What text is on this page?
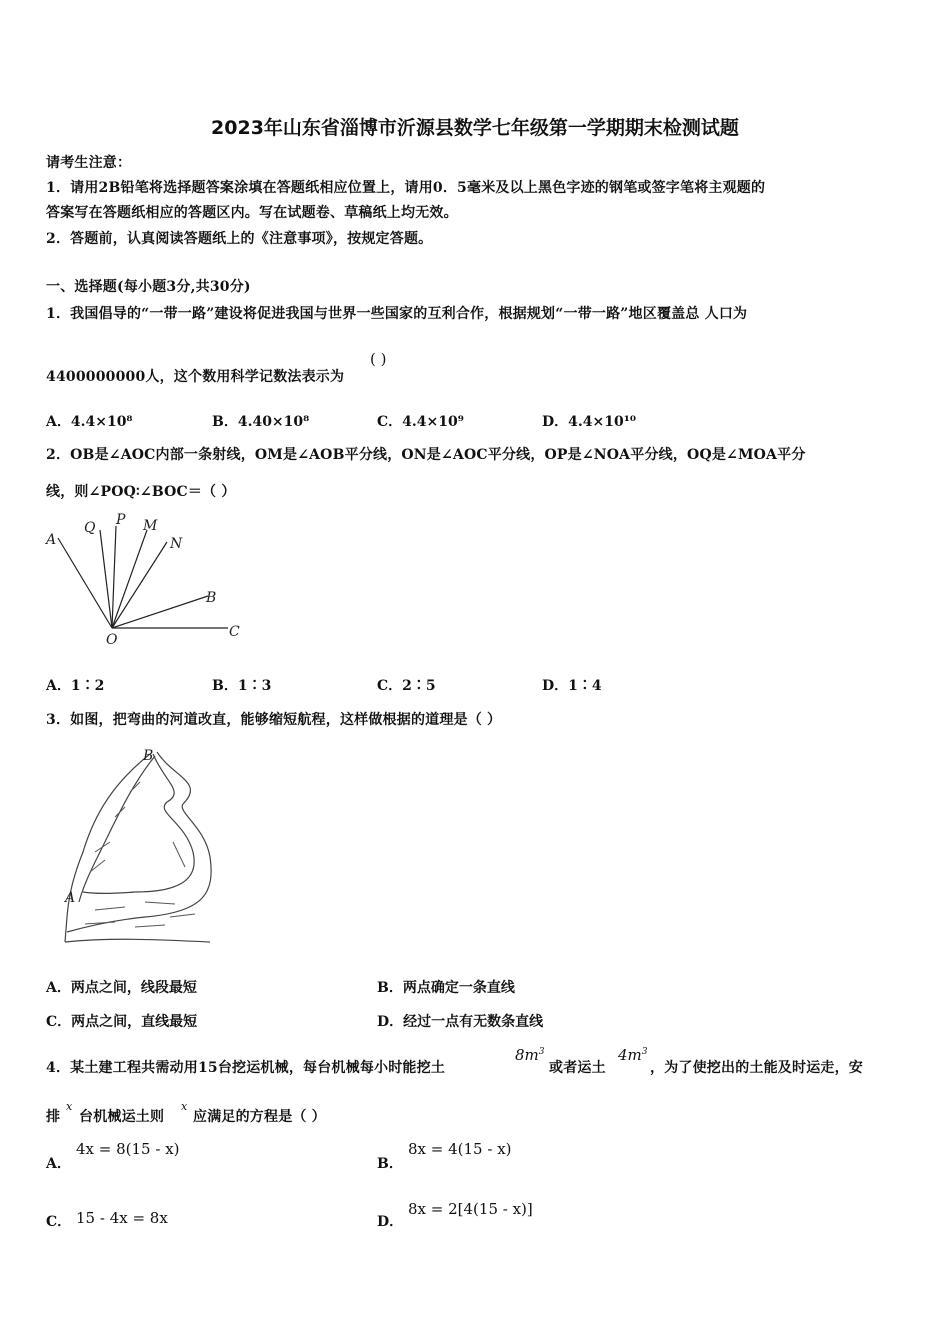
2023年山东省淄博市沂源县数学七年级第一学期期末检测试题
请考生注意：
1．请用2B铅笔将选择题答案涂填在答题纸相应位置上，请用0．5毫米及以上黑色字迹的钢笔或签字笔将主观题的
答案写在答题纸相应的答题区内。写在试题卷、草稿纸上均无效。
2．答题前，认真阅读答题纸上的《注意事项》，按规定答题。
一、选择题(每小题3分,共30分)
1．我国倡导的“一带一路”建设将促进我国与世界一些国家的互利合作，根据规划“一带一路”地区覆盖总 人口为
4400000000人，这个数用科学记数法表示为
( )
A．4.4×10⁸	B．4.40×10⁸	C．4.4×10⁹	D．4.4×10¹⁰
2．OB是∠AOC内部一条射线，OM是∠AOB平分线，ON是∠AOC平分线，OP是∠NOA平分线，OQ是∠MOA平分
线，则∠POQ∶∠BOC＝（ ）
A
Q P M
N
B
O	C
A．1∶2	B．1∶3	C．2∶5	D．1∶4
3．如图，把弯曲的河道改直，能够缩短航程，这样做根据的道理是（ ）
B
A
A．两点之间，线段最短	B．两点确定一条直线
C．两点之间，直线最短	D．经过一点有无数条直线
4．某土建工程共需动用15台挖运机械，每台机械每小时能挖土
$8m^3$
或者运土
$4m^3$
，为了使挖出的土能及时运走，安
排
x
台机械运土则
x
应满足的方程是（ ）
A．
4x = 8(15 - x)
B．
8x = 4(15 - x)
C． 15 - 4x = 8x	D．
8x = 2[4(15 - x)]
